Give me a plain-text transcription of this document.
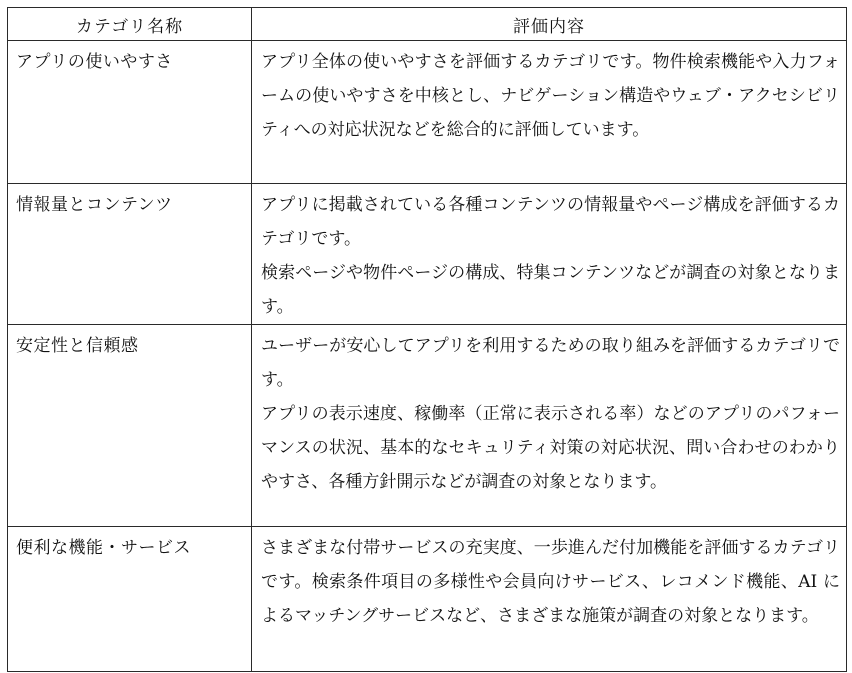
カテゴリ名称	評価内容
アプリの使いやすさ	アプリ全体の使いやすさを評価するカテゴリです。物件検索機能や入力フォームの使いやすさを中核とし、ナビゲーション構造やウェブ・アクセシビリティへの対応状況などを総合的に評価しています。

情報量とコンテンツ	アプリに掲載されている各種コンテンツの情報量やページ構成を評価するカテゴリです。

検索ページや物件ページの構成、特集コンテンツなどが調査の対象となります。

安定性と信頼感	ユーザーが安心してアプリを利用するための取り組みを評価するカテゴリです。

アプリの表示速度、稼働率（正常に表示される率）などのアプリのパフォーマンスの状況、基本的なセキュリティ対策の対応状況、問い合わせのわかりやすさ、各種方針開示などが調査の対象となります。

便利な機能・サービス	さまざまな付帯サービスの充実度、一歩進んだ付加機能を評価するカテゴリです。検索条件項目の多様性や会員向けサービス、レコメンド機能、AI によるマッチングサービスなど、さまざまな施策が調査の対象となります。
